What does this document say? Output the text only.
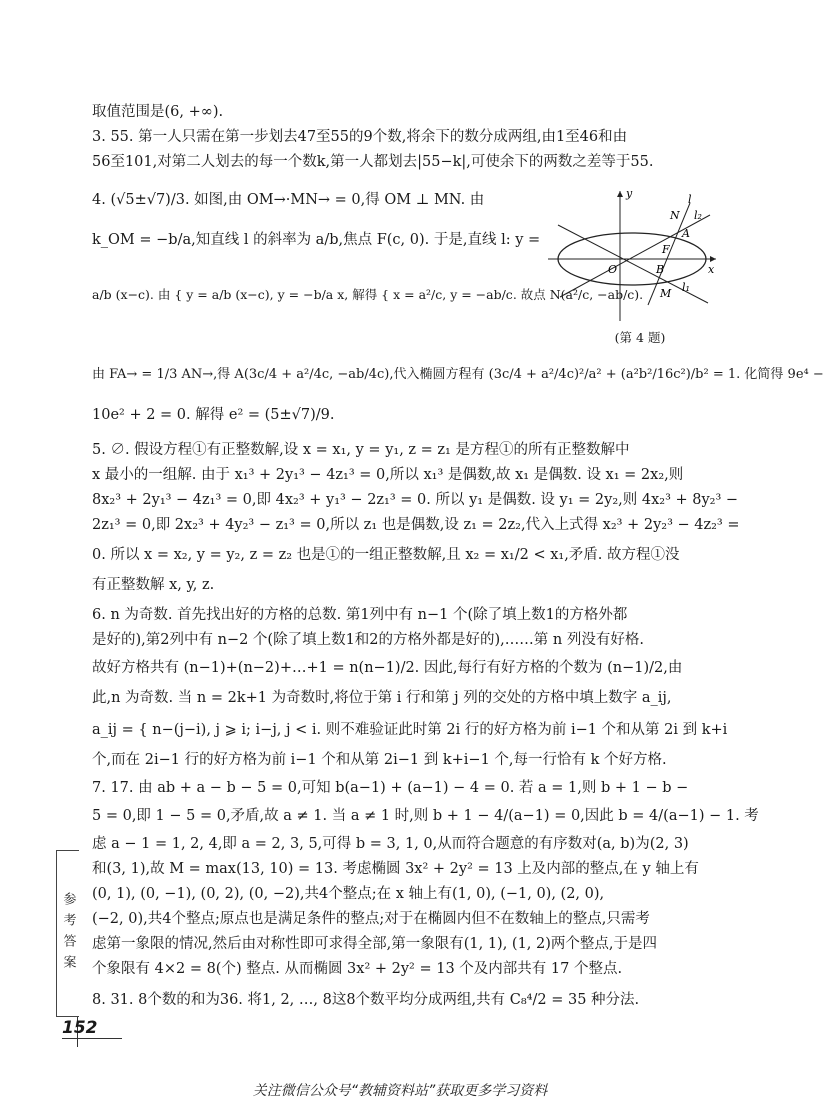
取值范围是(6, +∞).
3. 55. 第一人只需在第一步划去47至55的9个数,将余下的数分成两组,由1至46和由
56至101,对第二人划去的每一个数k,第一人都划去|55−k|,可使余下的两数之差等于55.
4. (√5±√7)/3. 如图,由 OM→·MN→ = 0,得 OM ⊥ MN. 由
k_OM = −b/a,知直线 l 的斜率为 a/b,焦点 F(c, 0). 于是,直线 l: y =
a/b (x−c). 由 { y = a/b (x−c), y = −b/a x, 解得 { x = a²/c, y = −ab/c. 故点 N(a²/c, −ab/c).
y
N
l
l₂
A
F
x
O	B
M l₁
(第 4 题)
由 FA→ = 1/3 AN→,得 A(3c/4 + a²/4c, −ab/4c),代入椭圆方程有 (3c/4 + a²/4c)²/a² + (a²b²/16c²)/b² = 1. 化简得 9e⁴ −
10e² + 2 = 0. 解得 e² = (5±√7)/9.
5. ∅. 假设方程①有正整数解,设 x = x₁, y = y₁, z = z₁ 是方程①的所有正整数解中
x 最小的一组解. 由于 x₁³ + 2y₁³ − 4z₁³ = 0,所以 x₁³ 是偶数,故 x₁ 是偶数. 设 x₁ = 2x₂,则
8x₂³ + 2y₁³ − 4z₁³ = 0,即 4x₂³ + y₁³ − 2z₁³ = 0. 所以 y₁ 是偶数. 设 y₁ = 2y₂,则 4x₂³ + 8y₂³ −
2z₁³ = 0,即 2x₂³ + 4y₂³ − z₁³ = 0,所以 z₁ 也是偶数,设 z₁ = 2z₂,代入上式得 x₂³ + 2y₂³ − 4z₂³ =
0. 所以 x = x₂, y = y₂, z = z₂ 也是①的一组正整数解,且 x₂ = x₁/2 < x₁,矛盾. 故方程①没
有正整数解 x, y, z.
6. n 为奇数. 首先找出好的方格的总数. 第1列中有 n−1 个(除了填上数1的方格外都
是好的),第2列中有 n−2 个(除了填上数1和2的方格外都是好的),……第 n 列没有好格.
故好方格共有 (n−1)+(n−2)+…+1 = n(n−1)/2. 因此,每行有好方格的个数为 (n−1)/2,由
此,n 为奇数. 当 n = 2k+1 为奇数时,将位于第 i 行和第 j 列的交处的方格中填上数字 a_ij,
a_ij = { n−(j−i), j ⩾ i; i−j, j < i. 则不难验证此时第 2i 行的好方格为前 i−1 个和从第 2i 到 k+i
个,而在 2i−1 行的好方格为前 i−1 个和从第 2i−1 到 k+i−1 个,每一行恰有 k 个好方格.
7. 17. 由 ab + a − b − 5 = 0,可知 b(a−1) + (a−1) − 4 = 0. 若 a = 1,则 b + 1 − b −
5 = 0,即 1 − 5 = 0,矛盾,故 a ≠ 1. 当 a ≠ 1 时,则 b + 1 − 4/(a−1) = 0,因此 b = 4/(a−1) − 1. 考
虑 a − 1 = 1, 2, 4,即 a = 2, 3, 5,可得 b = 3, 1, 0,从而符合题意的有序数对(a, b)为(2, 3)
和(3, 1),故 M = max(13, 10) = 13. 考虑椭圆 3x² + 2y² = 13 上及内部的整点,在 y 轴上有
(0, 1), (0, −1), (0, 2), (0, −2),共4个整点;在 x 轴上有(1, 0), (−1, 0), (2, 0),
(−2, 0),共4个整点;原点也是满足条件的整点;对于在椭圆内但不在数轴上的整点,只需考
虑第一象限的情况,然后由对称性即可求得全部,第一象限有(1, 1), (1, 2)两个整点,于是四
个象限有 4×2 = 8(个) 整点. 从而椭圆 3x² + 2y² = 13 个及内部共有 17 个整点.
8. 31. 8个数的和为36. 将1, 2, …, 8这8个数平均分成两组,共有 C₈⁴/2 = 35 种分法.
参考答案
152
关注微信公众号“教辅资料站”获取更多学习资料
